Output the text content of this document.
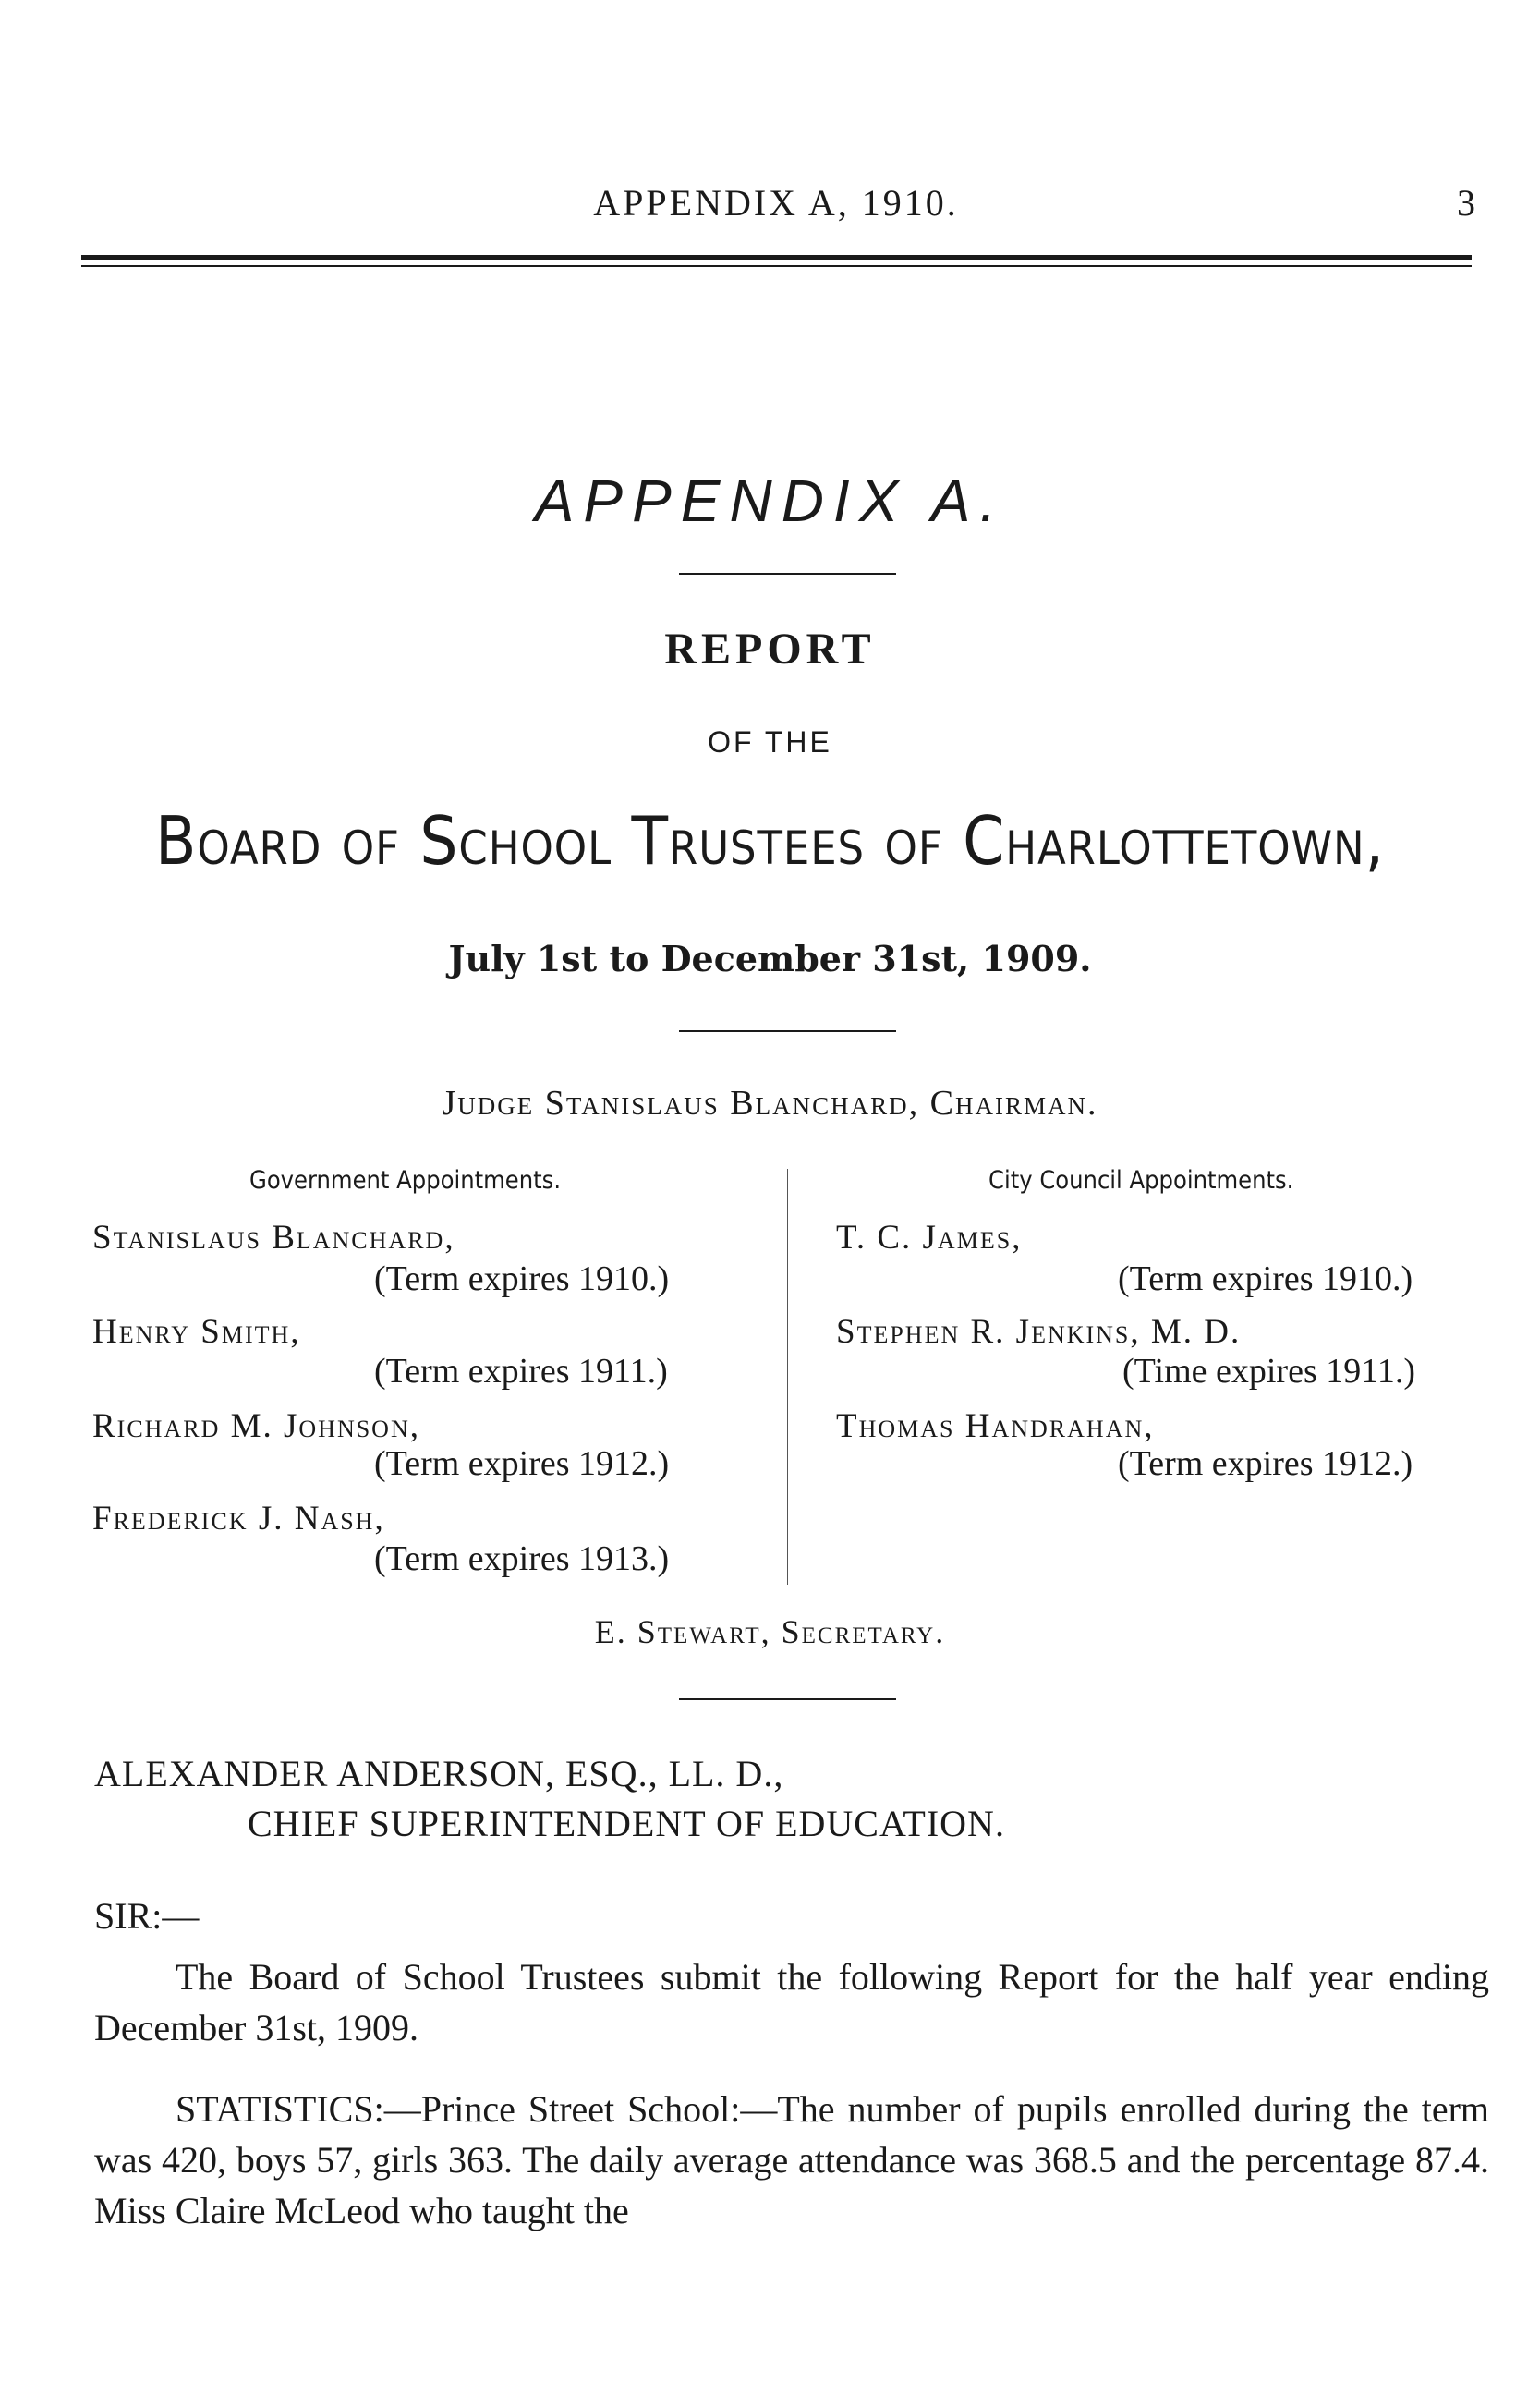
APPENDIX A, 1910.	3
APPENDIX A.
REPORT
OF THE
Board of School Trustees of Charlottetown,
July 1st to December 31st, 1909.
Judge Stanislaus Blanchard, Chairman.
Government Appointments.	City Council Appointments.
Stanislaus Blanchard,
(Term expires 1910.)
Henry Smith,
(Term expires 1911.)
Richard M. Johnson,
(Term expires 1912.)
Frederick J. Nash,
(Term expires 1913.)
T. C. James,
(Term expires 1910.)
Stephen R. Jenkins, M. D.
(Time expires 1911.)
Thomas Handrahan,
(Term expires 1912.)
E. Stewart, Secretary.
ALEXANDER ANDERSON, ESQ., LL. D.,
CHIEF SUPERINTENDENT OF EDUCATION.
SIR:—
The Board of School Trustees submit the following Report for the half year ending December 31st, 1909.
STATISTICS:—Prince Street School:—The number of pupils enrolled during the term was 420, boys 57, girls 363. The daily average attendance was 368.5 and the percentage 87.4. Miss Claire McLeod who taught the
